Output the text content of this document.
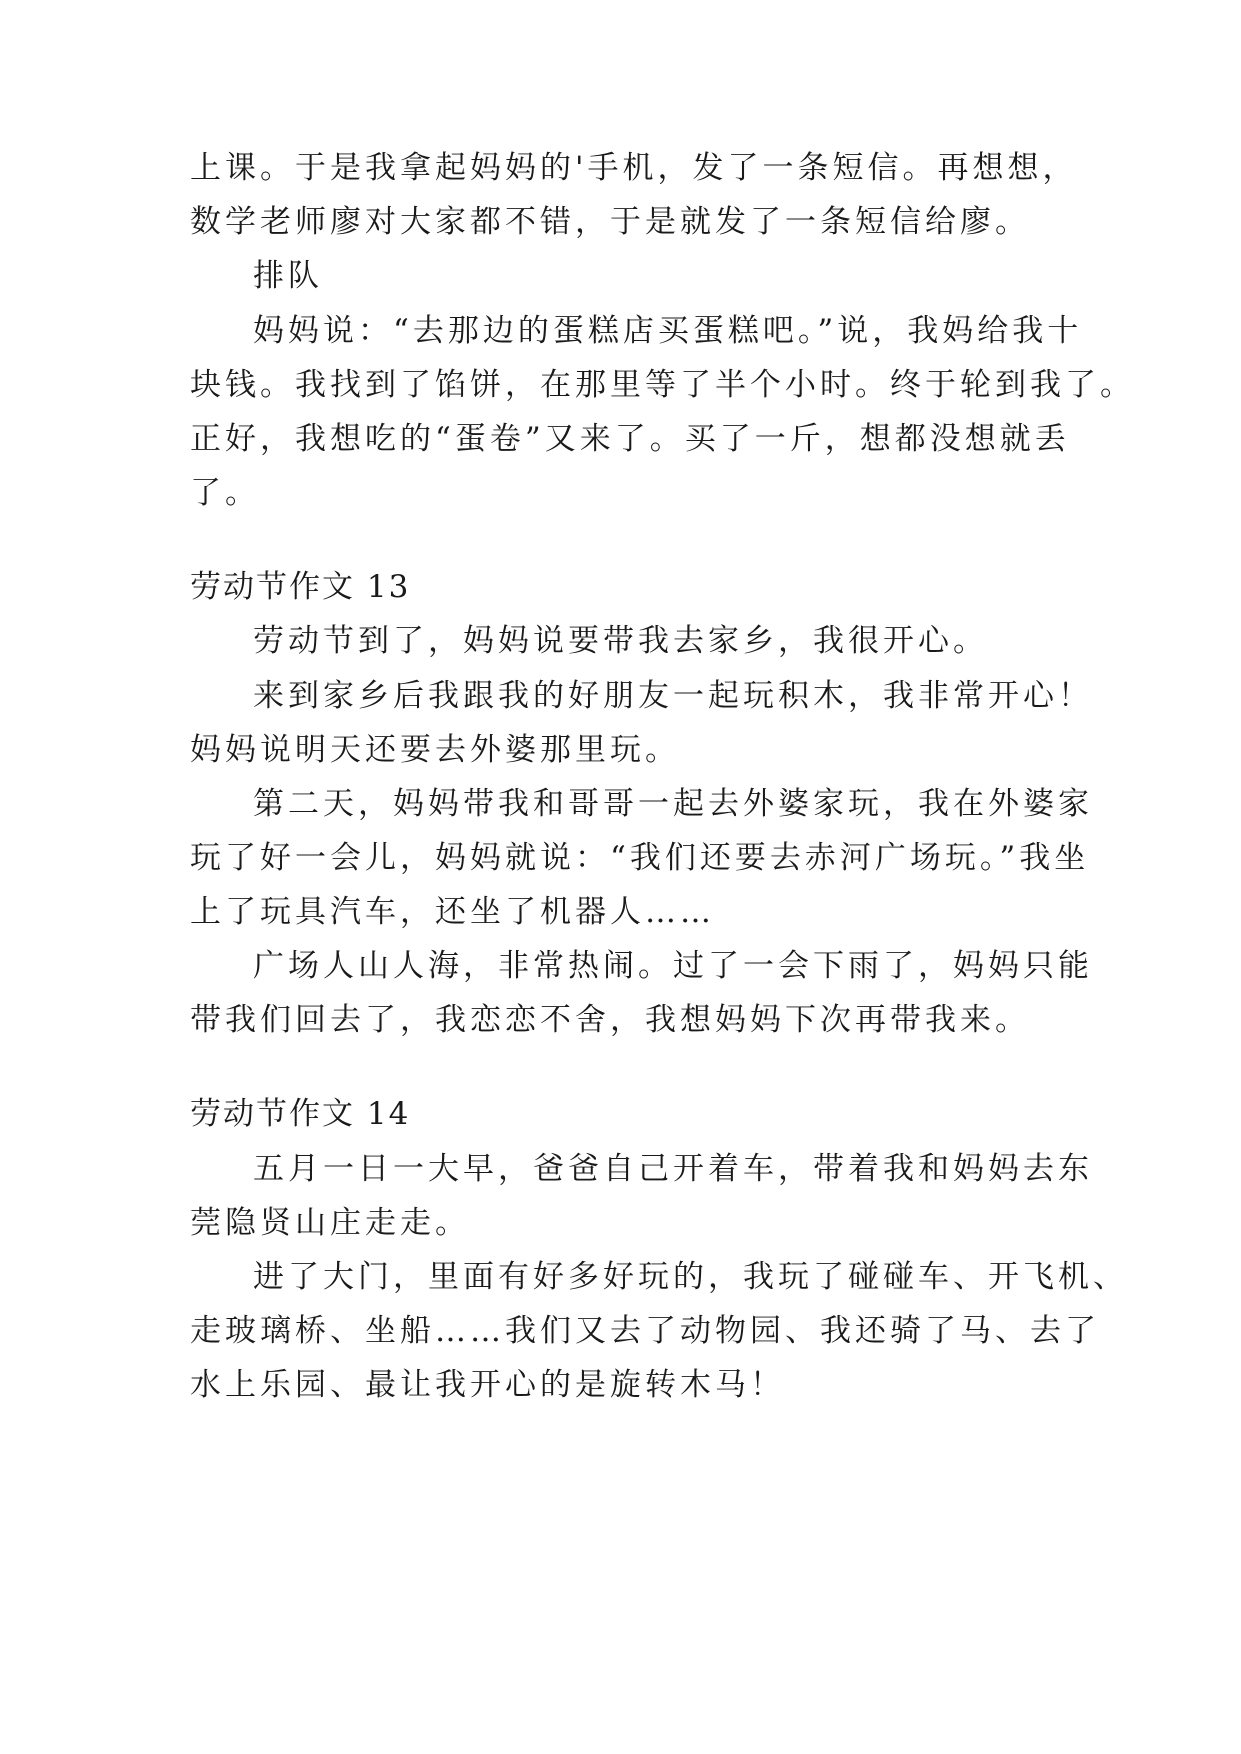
上课。于是我拿起妈妈的'手机，发了一条短信。再想想，

数学老师廖对大家都不错，于是就发了一条短信给廖。

排队

妈妈说：“去那边的蛋糕店买蛋糕吧。”说，我妈给我十

块钱。我找到了馅饼，在那里等了半个小时。终于轮到我了。

正好，我想吃的“蛋卷”又来了。买了一斤，想都没想就丢

了。

劳动节作文 13

劳动节到了，妈妈说要带我去家乡，我很开心。

来到家乡后我跟我的好朋友一起玩积木，我非常开心！

妈妈说明天还要去外婆那里玩。

第二天，妈妈带我和哥哥一起去外婆家玩，我在外婆家

玩了好一会儿，妈妈就说：“我们还要去赤河广场玩。”我坐

上了玩具汽车，还坐了机器人……

广场人山人海，非常热闹。过了一会下雨了，妈妈只能

带我们回去了，我恋恋不舍，我想妈妈下次再带我来。

劳动节作文 14

五月一日一大早，爸爸自己开着车，带着我和妈妈去东

莞隐贤山庄走走。

进了大门，里面有好多好玩的，我玩了碰碰车、开飞机、

走玻璃桥、坐船……我们又去了动物园、我还骑了马、去了

水上乐园、最让我开心的是旋转木马！
